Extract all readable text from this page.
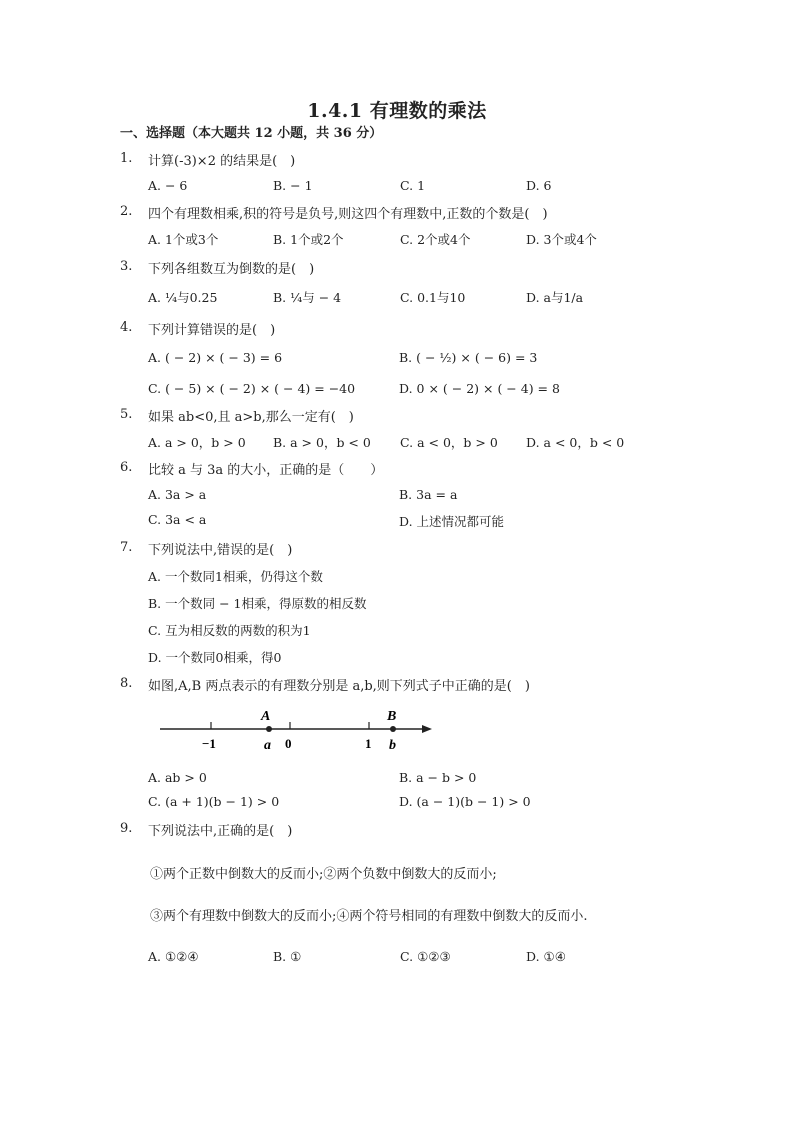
1.4.1 有理数的乘法
一、选择题（本大题共 12 小题，共 36 分）
1. 计算(-3)×2 的结果是(　)
A. − 6	B. − 1	C. 1	D. 6
2. 四个有理数相乘,积的符号是负号,则这四个有理数中,正数的个数是(　)
A. 1个或3个	B. 1个或2个	C. 2个或4个	D. 3个或4个
3. 下列各组数互为倒数的是(　)
A. ¼与0.25	B. ¼与 − 4	C. 0.1与10	D. a与1/a
4. 下列计算错误的是(　)
A. ( − 2) × ( − 3) = 6	B. ( − ½) × ( − 6) = 3
C. ( − 5) × ( − 2) × ( − 4) = −40	D. 0 × ( − 2) × ( − 4) = 8
5. 如果 ab<0,且 a>b,那么一定有(　)
A. a > 0，b > 0 B. a > 0，b < 0 C. a < 0，b > 0 D. a < 0，b < 0
6. 比较 a 与 3a 的大小，正确的是（　　）
A. 3a > a	B. 3a = a
C. 3a < a	D. 上述情况都可能
7. 下列说法中,错误的是(　)
A. 一个数同1相乘，仍得这个数
B. 一个数同 − 1相乘，得原数的相反数
C. 互为相反数的两数的积为1
D. 一个数同0相乘，得0
8. 如图,A,B 两点表示的有理数分别是 a,b,则下列式子中正确的是(　)
A	B
−1	0	1
a	b
A. ab > 0	B. a − b > 0
C. (a + 1)(b − 1) > 0	D. (a − 1)(b − 1) > 0
9. 下列说法中,正确的是(　)
①两个正数中倒数大的反而小;②两个负数中倒数大的反而小;
③两个有理数中倒数大的反而小;④两个符号相同的有理数中倒数大的反而小.
A. ①②④	B. ①	C. ①②③	D. ①④
